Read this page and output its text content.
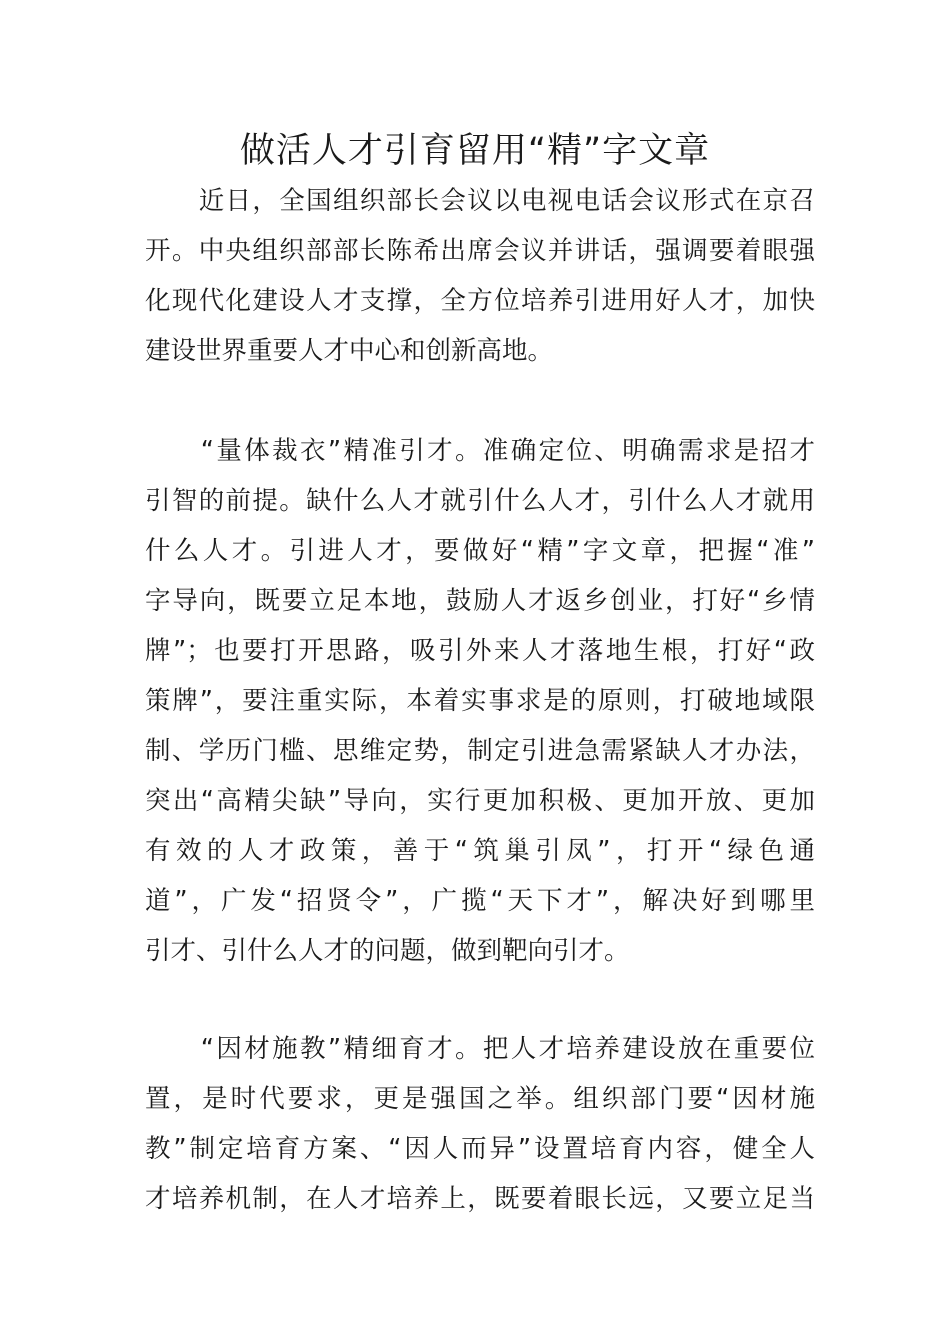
做活人才引育留用“精”字文章
　　近日，全国组织部长会议以电视电话会议形式在京召
开。中央组织部部长陈希出席会议并讲话，强调要着眼强
化现代化建设人才支撑，全方位培养引进用好人才，加快
建设世界重要人才中心和创新高地。
　　“量体裁衣”精准引才。准确定位、明确需求是招才
引智的前提。缺什么人才就引什么人才，引什么人才就用
什么人才。引进人才，要做好“精”字文章，把握“准”
字导向，既要立足本地，鼓励人才返乡创业，打好“乡情
牌”；也要打开思路，吸引外来人才落地生根，打好“政
策牌”，要注重实际，本着实事求是的原则，打破地域限
制、学历门槛、思维定势，制定引进急需紧缺人才办法，
突出“高精尖缺”导向，实行更加积极、更加开放、更加
有效的人才政策，善于“筑巢引凤”，打开“绿色通
道”，广发“招贤令”，广揽“天下才”，解决好到哪里
引才、引什么人才的问题，做到靶向引才。
　　“因材施教”精细育才。把人才培养建设放在重要位
置，是时代要求，更是强国之举。组织部门要“因材施
教”制定培育方案、“因人而异”设置培育内容，健全人
才培养机制，在人才培养上，既要着眼长远，又要立足当
